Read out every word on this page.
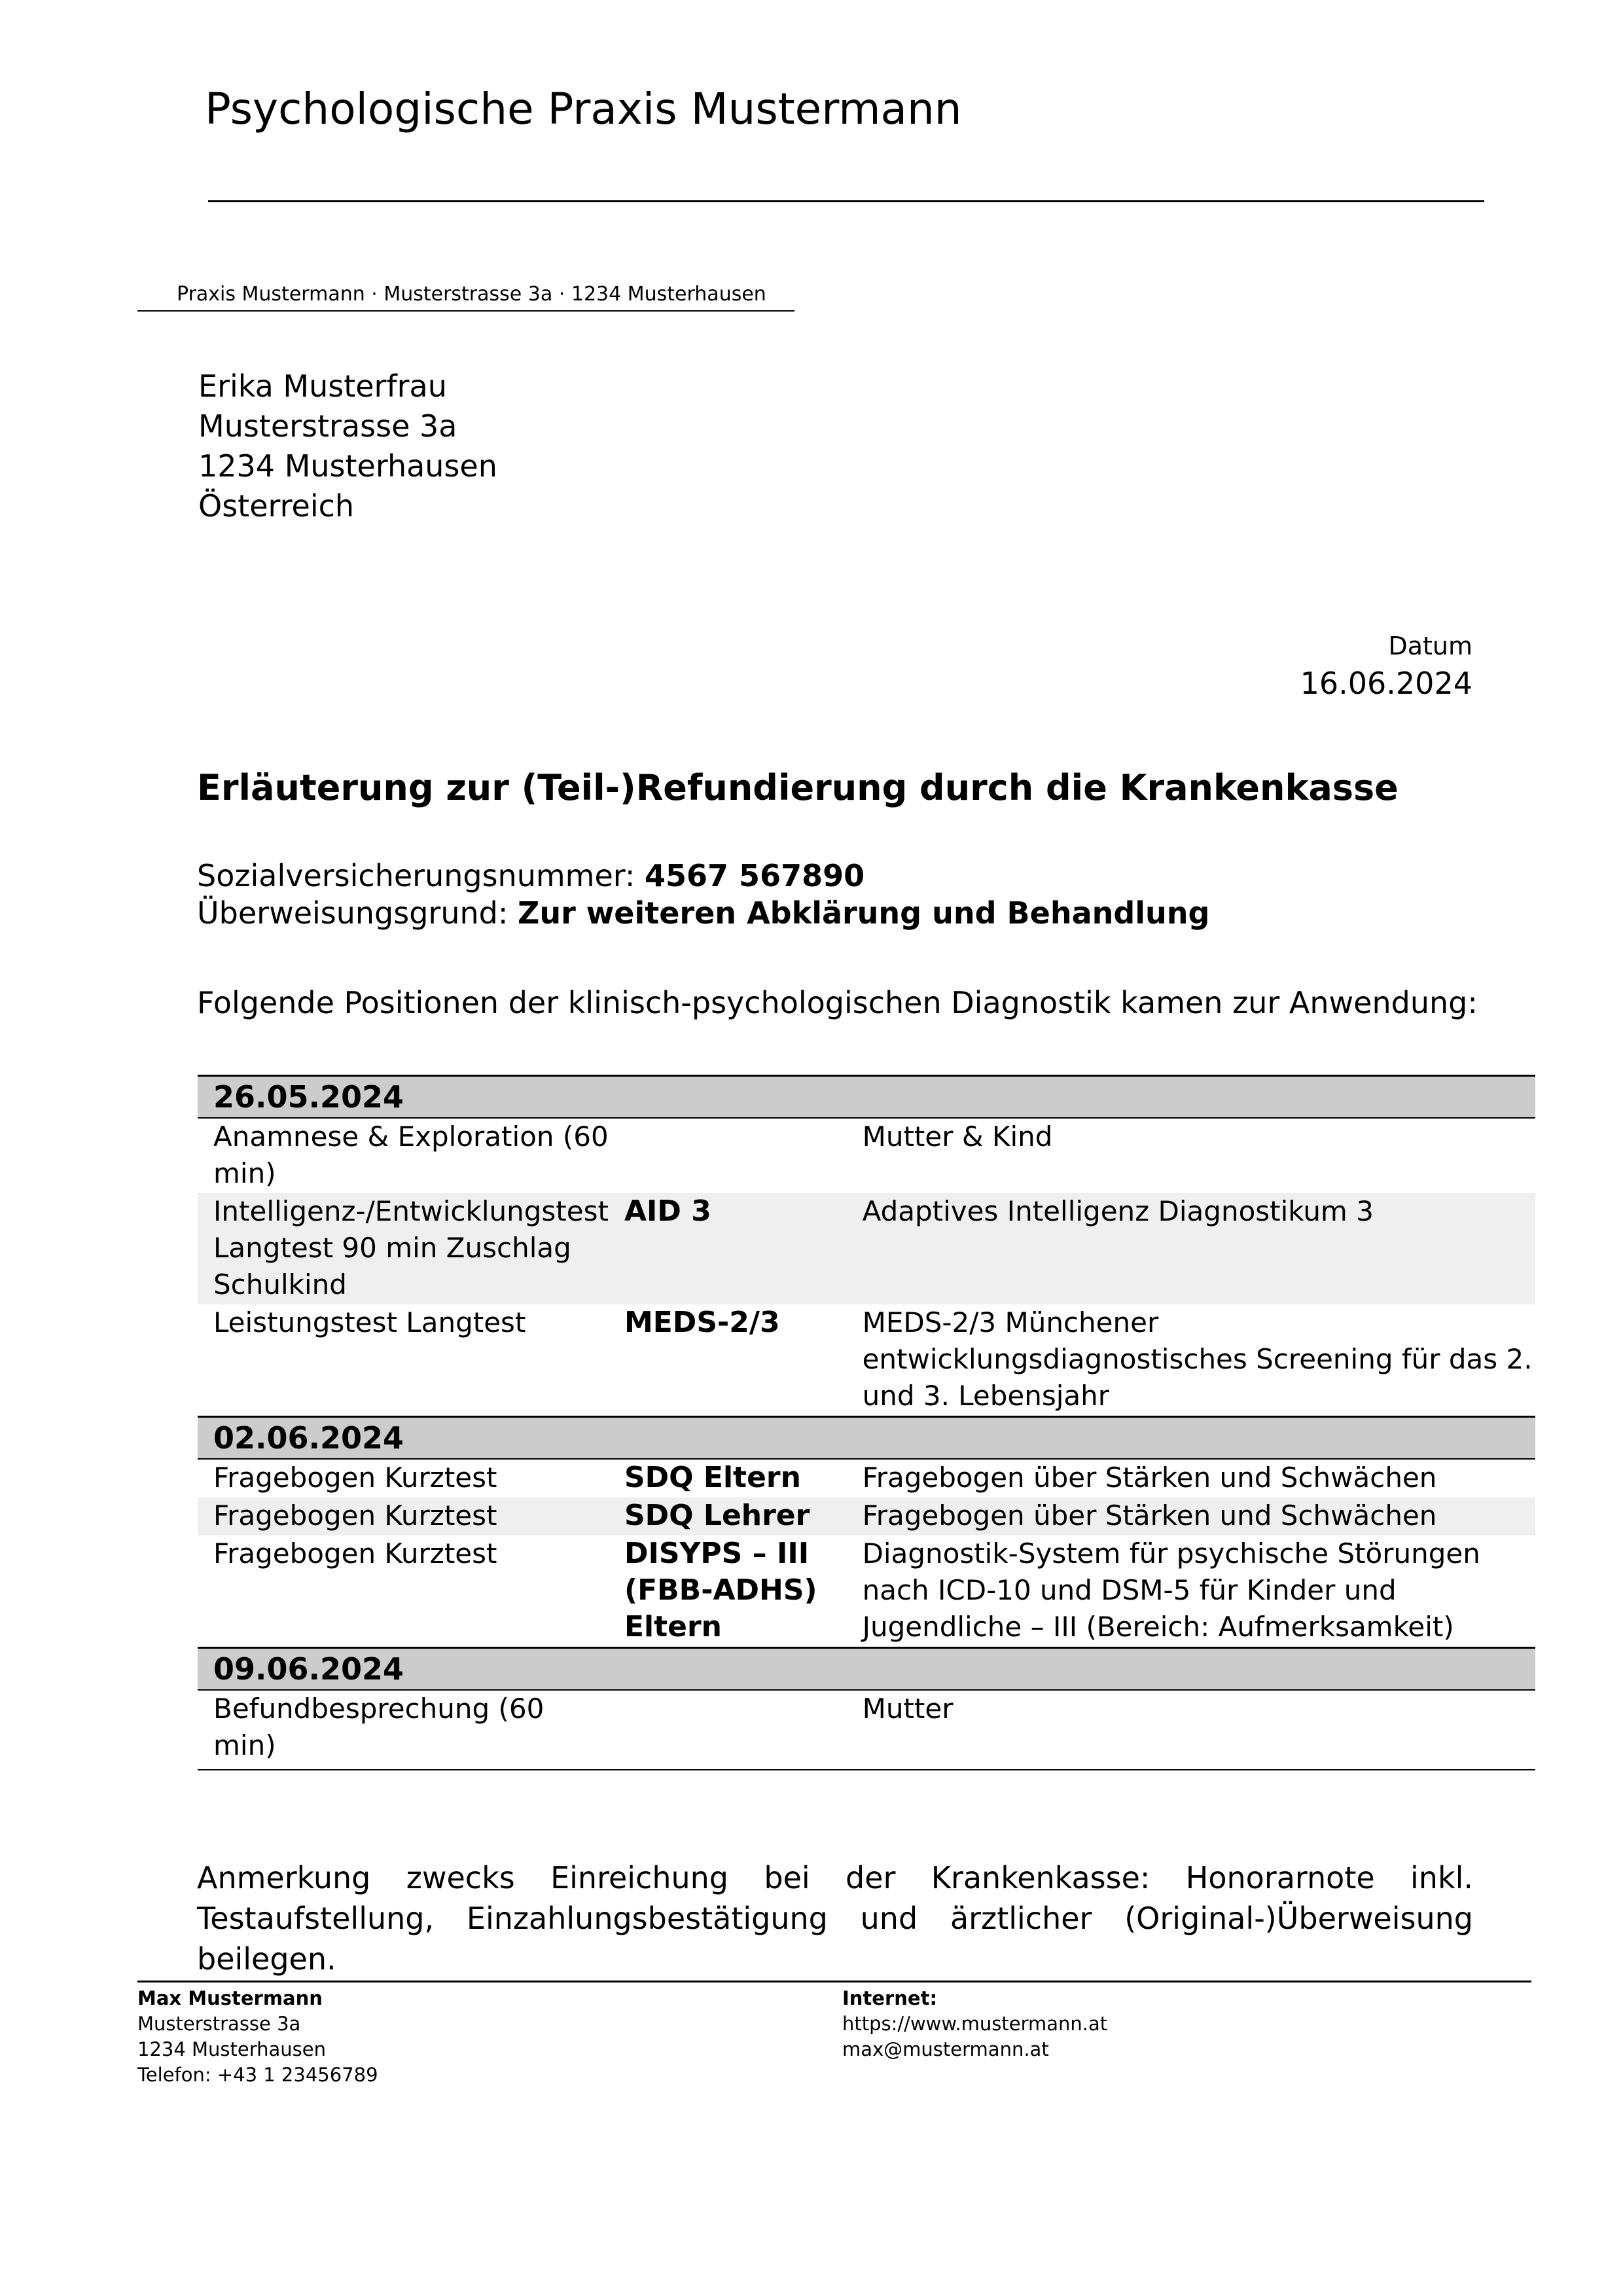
Psychologische Praxis Mustermann
Praxis Mustermann · Musterstrasse 3a · 1234 Musterhausen
Erika Musterfrau
Musterstrasse 3a
1234 Musterhausen
Österreich
Datum
16.06.2024
Erläuterung zur (Teil-)Refundierung durch die Krankenkasse
Sozialversicherungsnummer: 4567 567890
Überweisungsgrund: Zur weiteren Abklärung und Behandlung
Folgende Positionen der klinisch-psychologischen Diagnostik kamen zur Anwendung:
26.05.2024		
Anamnese & Exploration (60 min)		Mutter & Kind
Intelligenz-/Entwicklungstest Langtest 90 min Zuschlag Schulkind	AID 3	Adaptives Intelligenz Diagnostikum 3
Leistungstest Langtest	MEDS-2/3	MEDS-2/3 Münchener entwicklungsdiagnostisches Screening für das 2. und 3. Lebensjahr
02.06.2024		
Fragebogen Kurztest	SDQ Eltern	Fragebogen über Stärken und Schwächen
Fragebogen Kurztest	SDQ Lehrer	Fragebogen über Stärken und Schwächen
Fragebogen Kurztest	DISYPS – III (FBB-ADHS) Eltern	Diagnostik-System für psychische Störungen nach ICD-10 und DSM-5 für Kinder und Jugendliche – III (Bereich: Aufmerksamkeit)
09.06.2024		
Befundbesprechung (60 min)		Mutter
Anmerkung zwecks Einreichung bei der Krankenkasse: Honorarnote inkl. Testaufstellung, Einzahlungsbestätigung und ärztlicher (Original-)Überweisung beilegen.
Max Mustermann
Musterstrasse 3a
1234 Musterhausen
Telefon: +43 1 23456789
Internet:
https://www.mustermann.at
max@mustermann.at
